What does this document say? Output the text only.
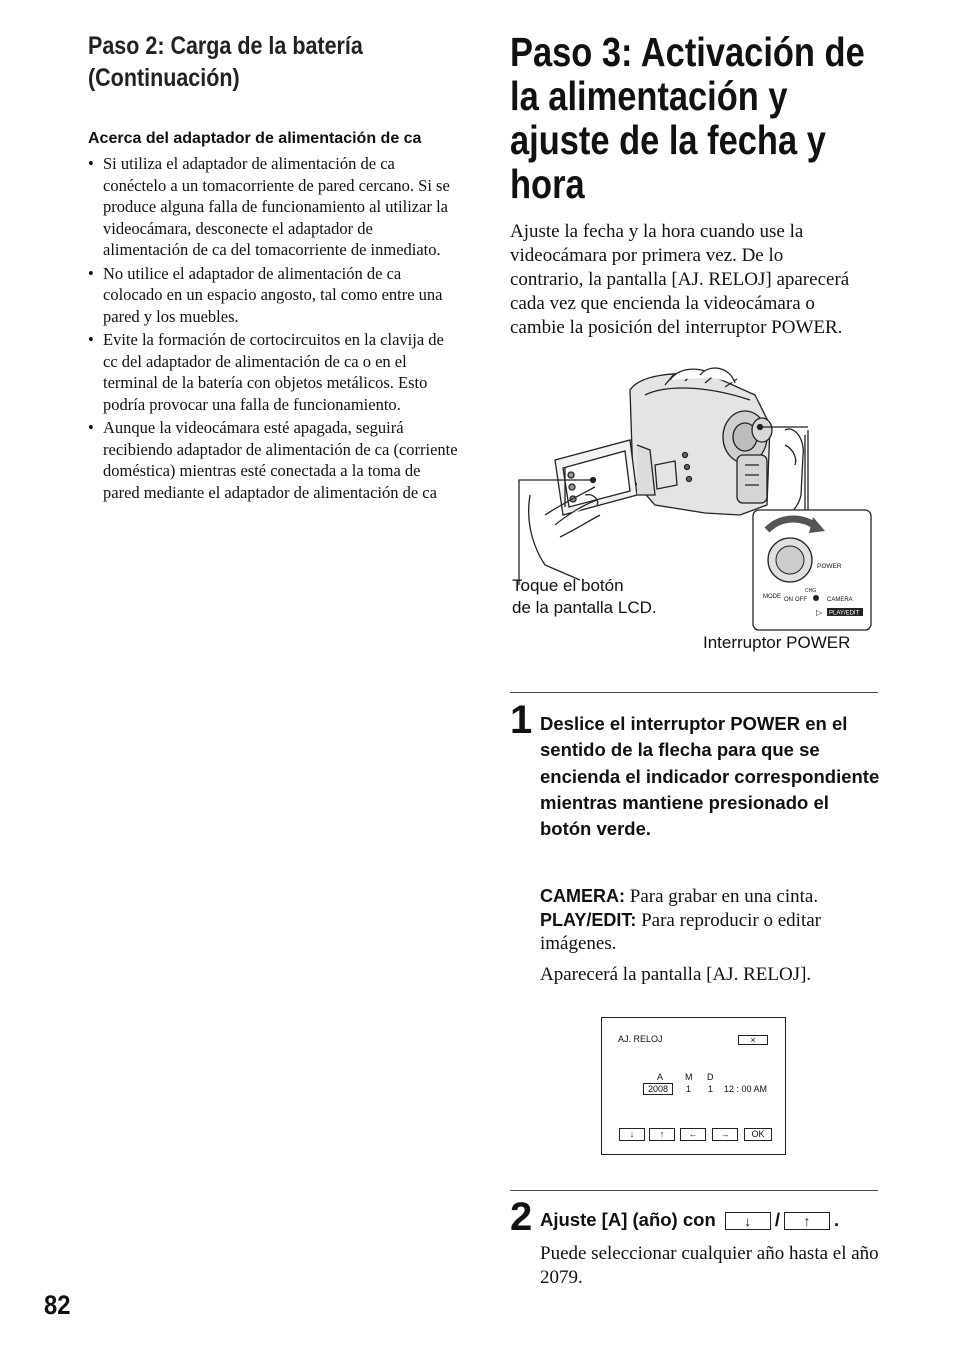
Paso 2: Carga de la batería
(Continuación)
Acerca del adaptador de alimentación de ca
• Si utiliza el adaptador de alimentación de ca conéctelo a un tomacorriente de pared cercano. Si se produce alguna falla de funcionamiento al utilizar la videocámara, desconecte el adaptador de alimentación de ca del tomacorriente de inmediato.
• No utilice el adaptador de alimentación de ca colocado en un espacio angosto, tal como entre una pared y los muebles.
• Evite la formación de cortocircuitos en la clavija de cc del adaptador de alimentación de ca o en el terminal de la batería con objetos metálicos. Esto podría provocar una falla de funcionamiento.
• Aunque la videocámara esté apagada, seguirá recibiendo adaptador de alimentación de ca (corriente doméstica) mientras esté conectada a la toma de pared mediante el adaptador de alimentación de ca
Paso 3: Activación de
la alimentación y
ajuste de la fecha y
hora
Ajuste la fecha y la hora cuando use la videocámara por primera vez. De lo contrario, la pantalla [AJ. RELOJ] aparecerá cada vez que encienda la videocámara o cambie la posición del interruptor POWER.
POWER
MODE ON OFF
CHG
CAMERA
PLAY/EDIT
▷
Toque el botón
de la pantalla LCD.
Interruptor POWER
1 Deslice el interruptor POWER en el sentido de la flecha para que se encienda el indicador correspondiente mientras mantiene presionado el botón verde.
CAMERA: Para grabar en una cinta.
PLAY/EDIT: Para reproducir o editar imágenes.
Aparecerá la pantalla [AJ. RELOJ].
AJ. RELOJ	×
A M D
2008	1 1 12 : 00 AM
↓	↑	←	→	OK
2 Ajuste [A] (año) con ↓ / ↑ .
Puede seleccionar cualquier año hasta el año 2079.
82
